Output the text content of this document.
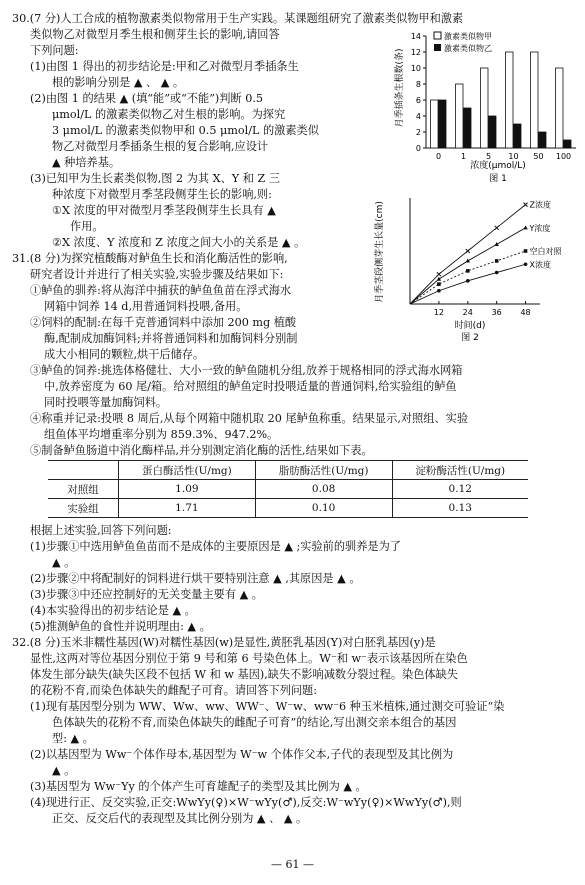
30.(7 分)人工合成的植物激素类似物常用于生产实践。某课题组研究了激素类似物甲和激素
类似物乙对微型月季生根和侧芽生长的影响,请回答
下列问题:
(1)由图 1 得出的初步结论是:甲和乙对微型月季插条生
根的影响分别是 ▲ 、 ▲ 。
(2)由图 1 的结果 ▲ (填“能”或“不能”)判断 0.5
μmol/L 的激素类似物乙对生根的影响。为探究
3 μmol/L 的激素类似物甲和 0.5 μmol/L 的激素类似
物乙对微型月季插条生根的复合影响,应设计
▲ 种培养基。
(3)已知甲为生长素类似物,图 2 为其 X、Y 和 Z 三
种浓度下对微型月季茎段侧芽生长的影响,则:
①X 浓度的甲对微型月季茎段侧芽生长具有 ▲
作用。
②X 浓度、Y 浓度和 Z 浓度之间大小的关系是 ▲ 。
31.(8 分)为探究植酸酶对鲈鱼生长和消化酶活性的影响,
研究者设计并进行了相关实验,实验步骤及结果如下:
①鲈鱼的驯养:将从海洋中捕获的鲈鱼鱼苗在浮式海水
网箱中饲养 14 d,用普通饲料投喂,备用。
②饲料的配制:在每千克普通饲料中添加 200 mg 植酸
酶,配制成加酶饲料;并将普通饲料和加酶饲料分别制
成大小相同的颗粒,烘干后储存。
③鲈鱼的饲养:挑选体格健壮、大小一致的鲈鱼随机分组,放养于规格相同的浮式海水网箱
中,放养密度为 60 尾/箱。给对照组的鲈鱼定时投喂适量的普通饲料,给实验组的鲈鱼
同时投喂等量加酶饲料。
④称重并记录:投喂 8 周后,从每个网箱中随机取 20 尾鲈鱼称重。结果显示,对照组、实验
组鱼体平均增重率分别为 859.3%、947.2%。
⑤制备鲈鱼肠道中消化酶样品,并分别测定消化酶的活性,结果如下表。
根据上述实验,回答下列问题:
(1)步骤①中选用鲈鱼鱼苗而不是成体的主要原因是 ▲ ;实验前的驯养是为了
▲ 。
(2)步骤②中将配制好的饲料进行烘干要特别注意 ▲ ,其原因是 ▲ 。
(3)步骤③中还应控制好的无关变量主要有 ▲ 。
(4)本实验得出的初步结论是 ▲ 。
(5)推测鲈鱼的食性并说明理由: ▲ 。
32.(8 分)玉米非糯性基因(W)对糯性基因(w)是显性,黄胚乳基因(Y)对白胚乳基因(y)是
显性,这两对等位基因分别位于第 9 号和第 6 号染色体上。W⁻和 w⁻表示该基因所在染色
体发生部分缺失(缺失区段不包括 W 和 w 基因),缺失不影响减数分裂过程。染色体缺失
的花粉不育,而染色体缺失的雌配子可育。请回答下列问题:
(1)现有基因型分别为 WW、Ww、ww、WW⁻、W⁻w、ww⁻6 种玉米植株,通过测交可验证“染
色体缺失的花粉不育,而染色体缺失的雌配子可育”的结论,写出测交亲本组合的基因
型: ▲ 。
(2)以基因型为 Ww⁻个体作母本,基因型为 W⁻w 个体作父本,子代的表现型及其比例为
▲ 。
(3)基因型为 Ww⁻Yy 的个体产生可育雄配子的类型及其比例为 ▲ 。
(4)现进行正、反交实验,正交:WwYy(♀)×W⁻wYy(♂),反交:W⁻wYy(♀)×WwYy(♂),则
正交、反交后代的表现型及其比例分别为 ▲ 、 ▲ 。
	蛋白酶活性(U/mg)	脂肪酶活性(U/mg)	淀粉酶活性(U/mg)
对照组	1.09	0.08	0.12
实验组	1.71	0.10	0.13
月季插条生根数(条)
0
2
4
6
8
10
12
14
0 1 5 10 50 100
激素类似物甲
激素类似物乙
浓度(μmol/L)
图 1
月季茎段侧芽生长量(cm)
12 24 36 48
Z浓度
Y浓度
空白对照
X浓度
时间(d)
图 2
— 61 —
